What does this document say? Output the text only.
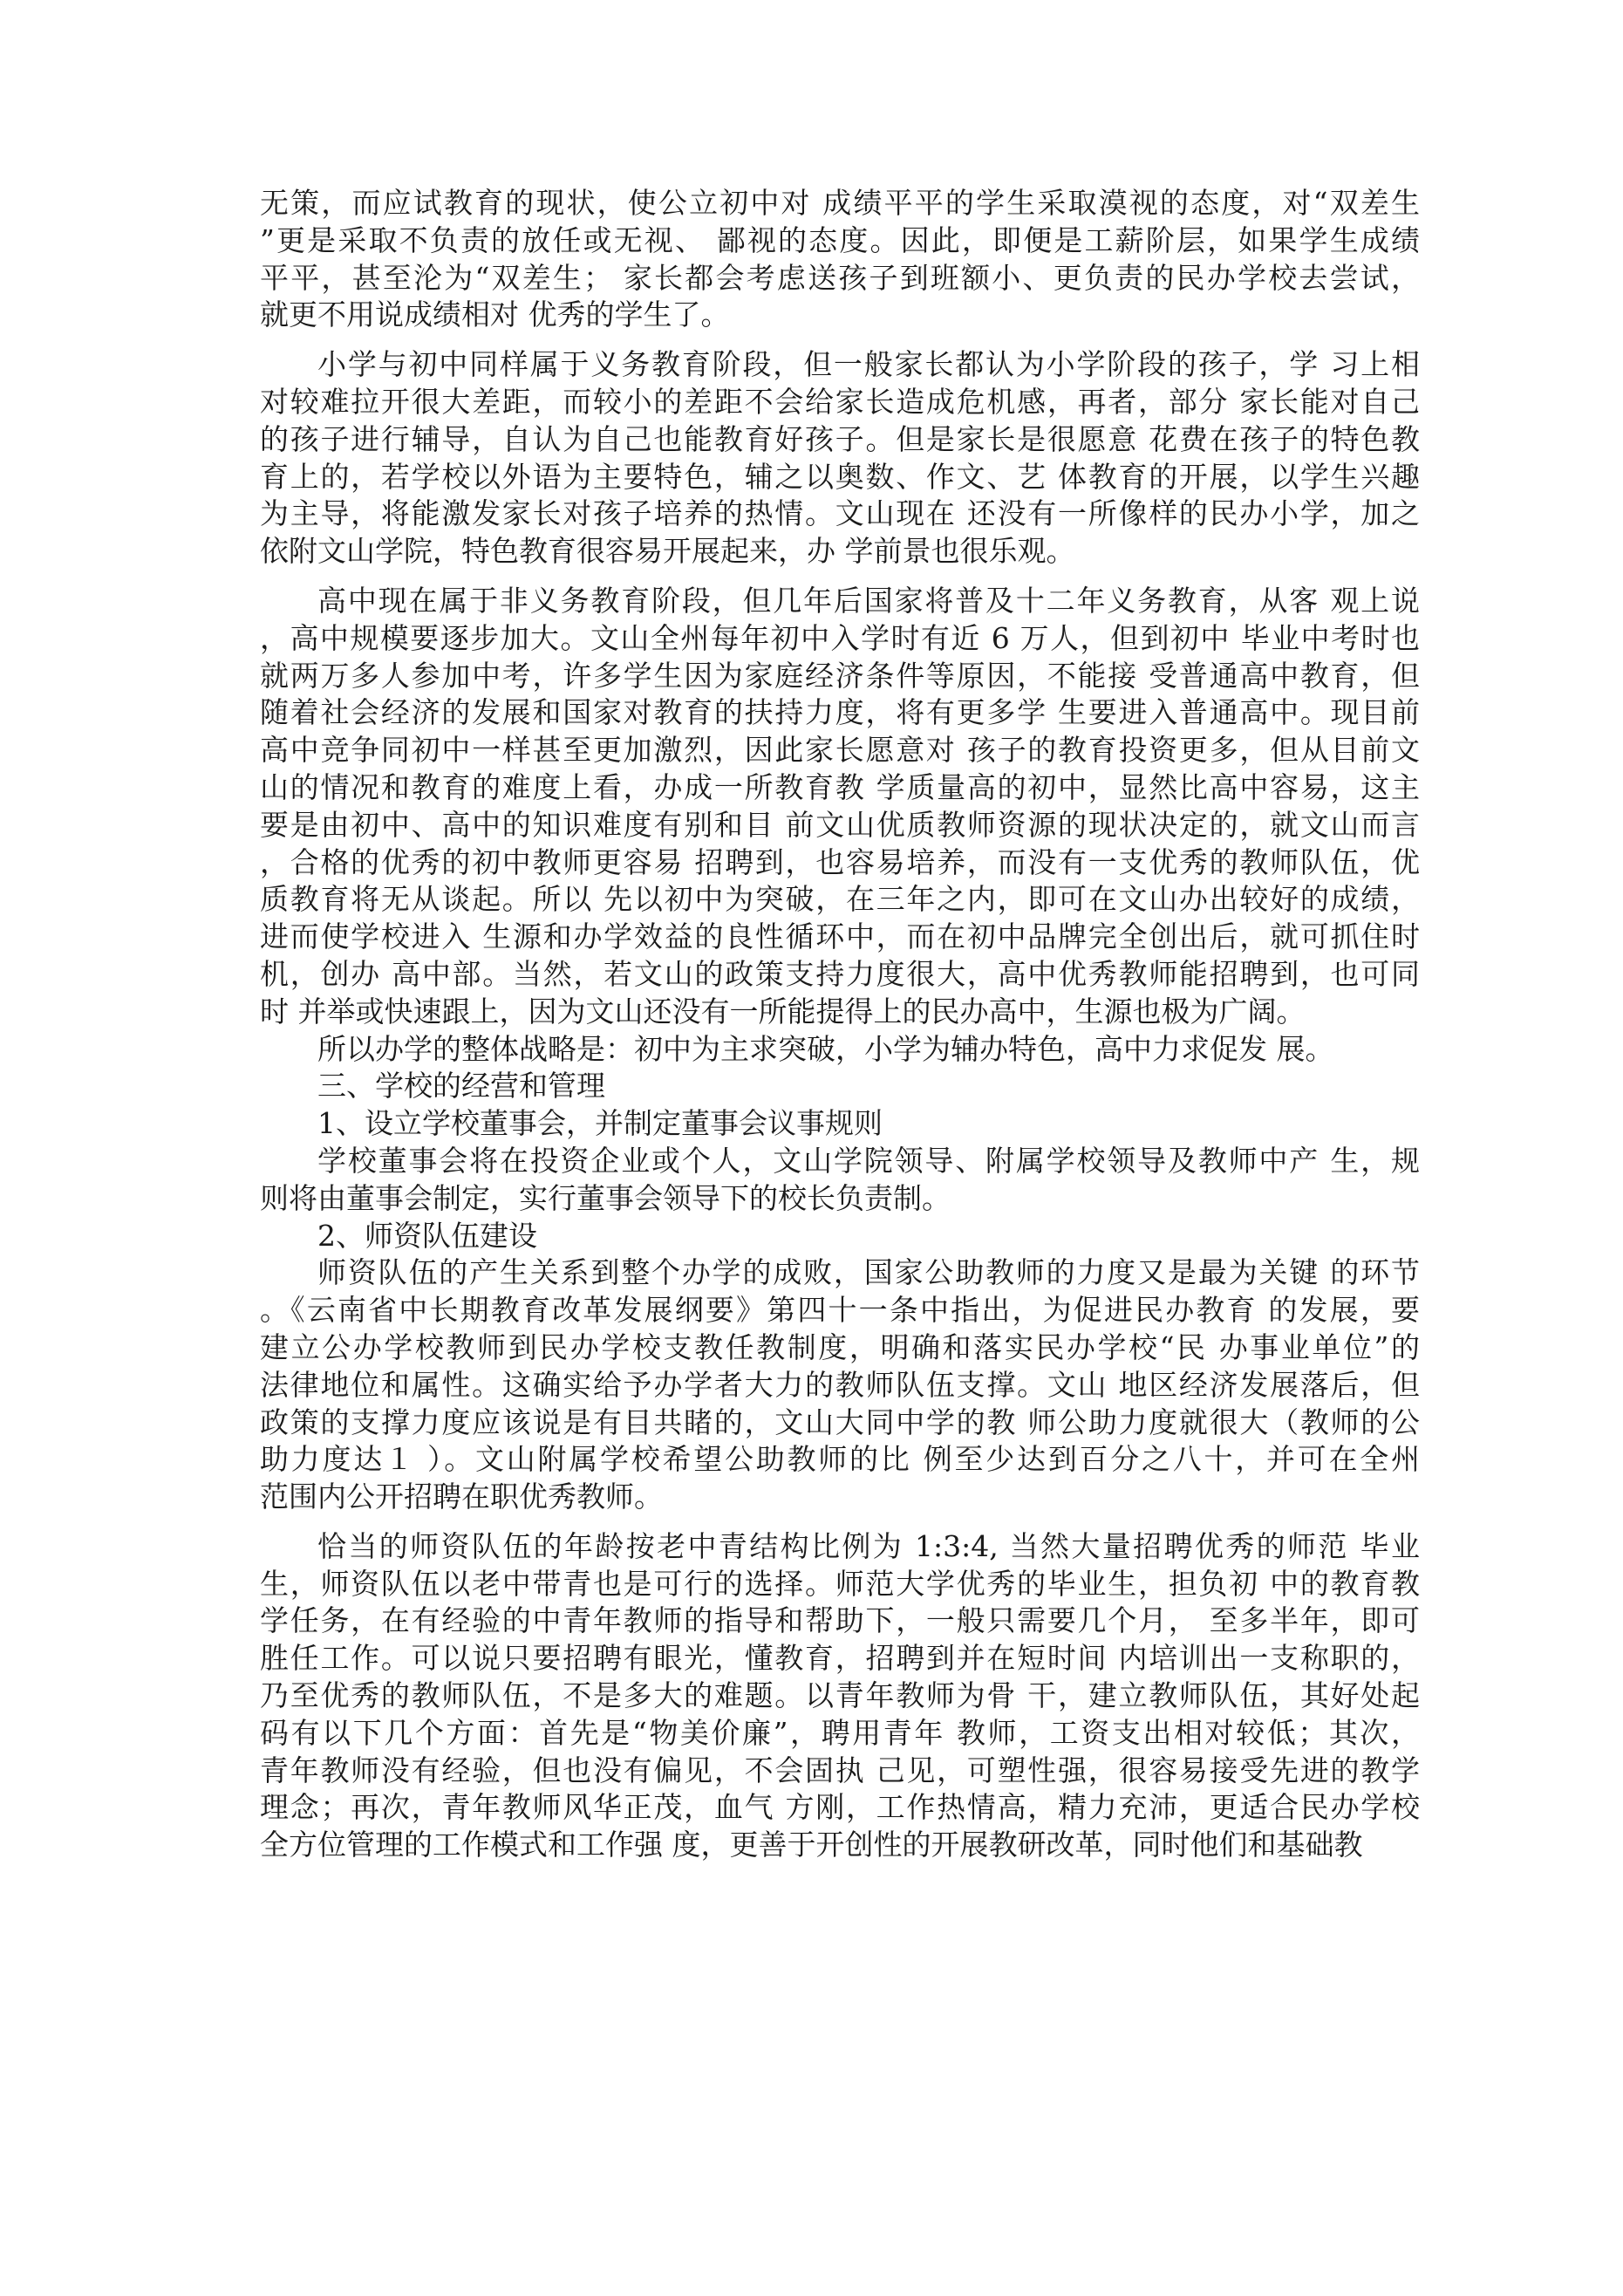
无策，而应试教育的现状，使公立初中对 成绩平平的学生采取漠视的态度，对“双差生
”更是采取不负责的放任或无视、 鄙视的态度。因此，即便是工薪阶层，如果学生成绩
平平，甚至沦为“双差生； 家长都会考虑送孩子到班额小、更负责的民办学校去尝试，
就更不用说成绩相对 优秀的学生了。
小学与初中同样属于义务教育阶段，但一般家长都认为小学阶段的孩子，学 习上相
对较难拉开很大差距，而较小的差距不会给家长造成危机感，再者，部分 家长能对自己
的孩子进行辅导，自认为自己也能教育好孩子。但是家长是很愿意 花费在孩子的特色教
育上的，若学校以外语为主要特色，辅之以奥数、作文、艺 体教育的开展，以学生兴趣
为主导，将能激发家长对孩子培养的热情。文山现在 还没有一所像样的民办小学，加之
依附文山学院，特色教育很容易开展起来，办 学前景也很乐观。
高中现在属于非义务教育阶段，但几年后国家将普及十二年义务教育，从客 观上说
，高中规模要逐步加大。文山全州每年初中入学时有近 6 万人，但到初中 毕业中考时也
就两万多人参加中考，许多学生因为家庭经济条件等原因，不能接 受普通高中教育，但
随着社会经济的发展和国家对教育的扶持力度，将有更多学 生要进入普通高中。现目前
高中竞争同初中一样甚至更加激烈，因此家长愿意对 孩子的教育投资更多，但从目前文
山的情况和教育的难度上看，办成一所教育教 学质量高的初中，显然比高中容易，这主
要是由初中、高中的知识难度有别和目 前文山优质教师资源的现状决定的，就文山而言
，合格的优秀的初中教师更容易 招聘到，也容易培养，而没有一支优秀的教师队伍，优
质教育将无从谈起。所以 先以初中为突破，在三年之内，即可在文山办出较好的成绩，
进而使学校进入 生源和办学效益的良性循环中，而在初中品牌完全创出后，就可抓住时
机，创办 高中部。当然，若文山的政策支持力度很大，高中优秀教师能招聘到，也可同
时 并举或快速跟上，因为文山还没有一所能提得上的民办高中，生源也极为广阔。
所以办学的整体战略是：初中为主求突破，小学为辅办特色，高中力求促发 展。
三、学校的经营和管理
1、设立学校董事会，并制定董事会议事规则
学校董事会将在投资企业或个人，文山学院领导、附属学校领导及教师中产 生，规
则将由董事会制定，实行董事会领导下的校长负责制。
2、师资队伍建设
师资队伍的产生关系到整个办学的成败，国家公助教师的力度又是最为关键 的环节
。《云南省中长期教育改革发展纲要》第四十一条中指出，为促进民办教育 的发展，要
建立公办学校教师到民办学校支教任教制度，明确和落实民办学校“民 办事业单位”的
法律地位和属性。这确实给予办学者大力的教师队伍支撑。文山 地区经济发展落后，但
政策的支撑力度应该说是有目共睹的，文山大同中学的教 师公助力度就很大（教师的公
助力度达１ ）。文山附属学校希望公助教师的比 例至少达到百分之八十，并可在全州
范围内公开招聘在职优秀教师。
恰当的师资队伍的年龄按老中青结构比例为 1:3:4, 当然大量招聘优秀的师范 毕业
生，师资队伍以老中带青也是可行的选择。师范大学优秀的毕业生，担负初 中的教育教
学任务，在有经验的中青年教师的指导和帮助下，一般只需要几个月， 至多半年，即可
胜任工作。可以说只要招聘有眼光，懂教育，招聘到并在短时间 内培训出一支称职的，
乃至优秀的教师队伍，不是多大的难题。以青年教师为骨 干，建立教师队伍，其好处起
码有以下几个方面：首先是“物美价廉”，聘用青年 教师，工资支出相对较低；其次，
青年教师没有经验，但也没有偏见，不会固执 己见，可塑性强，很容易接受先进的教学
理念；再次，青年教师风华正茂，血气 方刚，工作热情高，精力充沛，更适合民办学校
全方位管理的工作模式和工作强 度，更善于开创性的开展教研改革，同时他们和基础教
